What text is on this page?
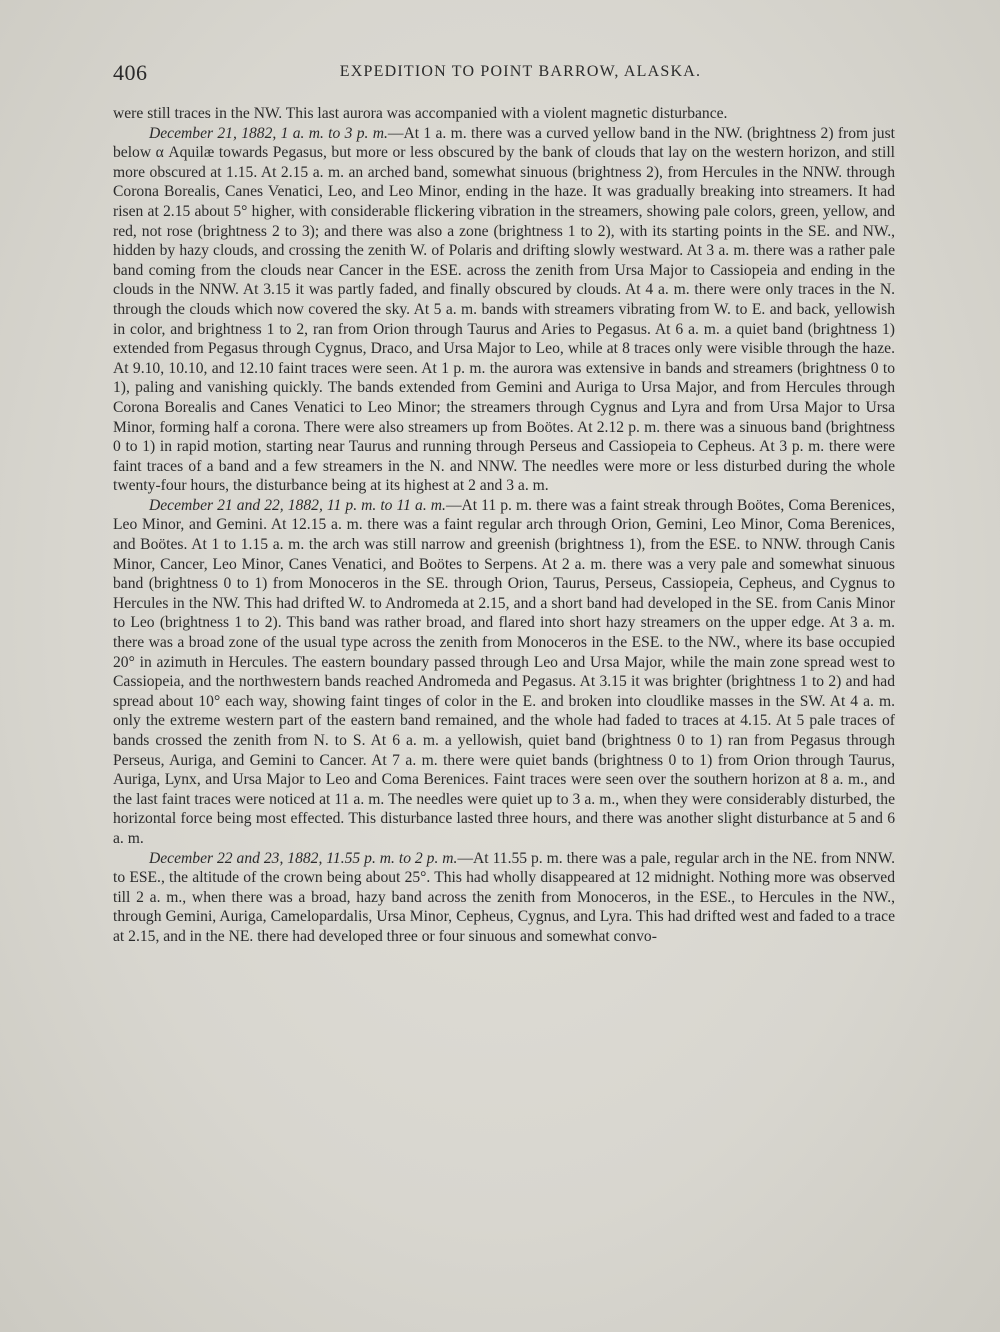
406	EXPEDITION TO POINT BARROW, ALASKA.

were still traces in the NW. This last aurora was accompanied with a violent magnetic disturbance.

December 21, 1882, 1 a. m. to 3 p. m.—At 1 a. m. there was a curved yellow band in the NW. (brightness 2) from just below α Aquilæ towards Pegasus, but more or less obscured by the bank of clouds that lay on the western horizon, and still more obscured at 1.15. At 2.15 a. m. an arched band, somewhat sinuous (brightness 2), from Hercules in the NNW. through Corona Borealis, Canes Venatici, Leo, and Leo Minor, ending in the haze. It was gradually breaking into streamers. It had risen at 2.15 about 5° higher, with considerable flickering vibration in the streamers, showing pale colors, green, yellow, and red, not rose (brightness 2 to 3); and there was also a zone (brightness 1 to 2), with its starting points in the SE. and NW., hidden by hazy clouds, and crossing the zenith W. of Polaris and drifting slowly westward. At 3 a. m. there was a rather pale band coming from the clouds near Cancer in the ESE. across the zenith from Ursa Major to Cassiopeia and ending in the clouds in the NNW. At 3.15 it was partly faded, and finally obscured by clouds. At 4 a. m. there were only traces in the N. through the clouds which now covered the sky. At 5 a. m. bands with streamers vibrating from W. to E. and back, yellowish in color, and brightness 1 to 2, ran from Orion through Taurus and Aries to Pegasus. At 6 a. m. a quiet band (brightness 1) extended from Pegasus through Cygnus, Draco, and Ursa Major to Leo, while at 8 traces only were visible through the haze. At 9.10, 10.10, and 12.10 faint traces were seen. At 1 p. m. the aurora was extensive in bands and streamers (brightness 0 to 1), paling and vanishing quickly. The bands extended from Gemini and Auriga to Ursa Major, and from Hercules through Corona Borealis and Canes Venatici to Leo Minor; the streamers through Cygnus and Lyra and from Ursa Major to Ursa Minor, forming half a corona. There were also streamers up from Boötes. At 2.12 p. m. there was a sinuous band (brightness 0 to 1) in rapid motion, starting near Taurus and running through Perseus and Cassiopeia to Cepheus. At 3 p. m. there were faint traces of a band and a few streamers in the N. and NNW. The needles were more or less disturbed during the whole twenty-four hours, the disturbance being at its highest at 2 and 3 a. m.

December 21 and 22, 1882, 11 p. m. to 11 a. m.—At 11 p. m. there was a faint streak through Boötes, Coma Berenices, Leo Minor, and Gemini. At 12.15 a. m. there was a faint regular arch through Orion, Gemini, Leo Minor, Coma Berenices, and Boötes. At 1 to 1.15 a. m. the arch was still narrow and greenish (brightness 1), from the ESE. to NNW. through Canis Minor, Cancer, Leo Minor, Canes Venatici, and Boötes to Serpens. At 2 a. m. there was a very pale and somewhat sinuous band (brightness 0 to 1) from Monoceros in the SE. through Orion, Taurus, Perseus, Cassiopeia, Cepheus, and Cygnus to Hercules in the NW. This had drifted W. to Andromeda at 2.15, and a short band had developed in the SE. from Canis Minor to Leo (brightness 1 to 2). This band was rather broad, and flared into short hazy streamers on the upper edge. At 3 a. m. there was a broad zone of the usual type across the zenith from Monoceros in the ESE. to the NW., where its base occupied 20° in azimuth in Hercules. The eastern boundary passed through Leo and Ursa Major, while the main zone spread west to Cassiopeia, and the northwestern bands reached Andromeda and Pegasus. At 3.15 it was brighter (brightness 1 to 2) and had spread about 10° each way, showing faint tinges of color in the E. and broken into cloudlike masses in the SW. At 4 a. m. only the extreme western part of the eastern band remained, and the whole had faded to traces at 4.15. At 5 pale traces of bands crossed the zenith from N. to S. At 6 a. m. a yellowish, quiet band (brightness 0 to 1) ran from Pegasus through Perseus, Auriga, and Gemini to Cancer. At 7 a. m. there were quiet bands (brightness 0 to 1) from Orion through Taurus, Auriga, Lynx, and Ursa Major to Leo and Coma Berenices. Faint traces were seen over the southern horizon at 8 a. m., and the last faint traces were noticed at 11 a. m. The needles were quiet up to 3 a. m., when they were considerably disturbed, the horizontal force being most effected. This disturbance lasted three hours, and there was another slight disturbance at 5 and 6 a. m.

December 22 and 23, 1882, 11.55 p. m. to 2 p. m.—At 11.55 p. m. there was a pale, regular arch in the NE. from NNW. to ESE., the altitude of the crown being about 25°. This had wholly disappeared at 12 midnight. Nothing more was observed till 2 a. m., when there was a broad, hazy band across the zenith from Monoceros, in the ESE., to Hercules in the NW., through Gemini, Auriga, Camelopardalis, Ursa Minor, Cepheus, Cygnus, and Lyra. This had drifted west and faded to a trace at 2.15, and in the NE. there had developed three or four sinuous and somewhat convo-
